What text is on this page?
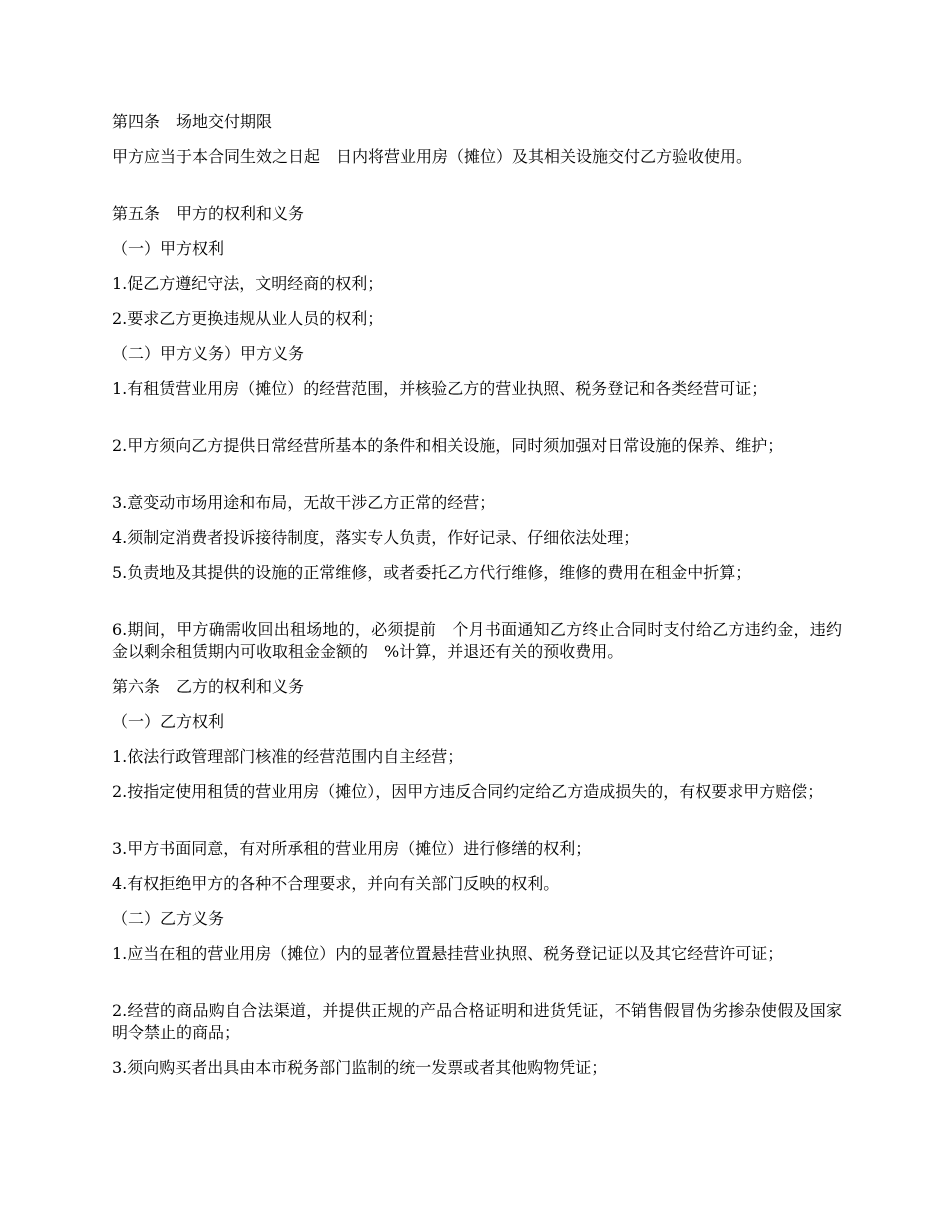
第四条　场地交付期限

甲方应当于本合同生效之日起　日内将营业用房（摊位）及其相关设施交付乙方验收使用。

第五条　甲方的权利和义务

（一）甲方权利

1.促乙方遵纪守法，文明经商的权利；

2.要求乙方更换违规从业人员的权利；

（二）甲方义务）甲方义务

1.有租赁营业用房（摊位）的经营范围，并核验乙方的营业执照、税务登记和各类经营可证；

2.甲方须向乙方提供日常经营所基本的条件和相关设施，同时须加强对日常设施的保养、维护；

3.意变动市场用途和布局，无故干涉乙方正常的经营；

4.须制定消费者投诉接待制度，落实专人负责，作好记录、仔细依法处理；

5.负责地及其提供的设施的正常维修，或者委托乙方代行维修，维修的费用在租金中折算；

6.期间，甲方确需收回出租场地的，必须提前　个月书面通知乙方终止合同时支付给乙方违约金，违约金以剩余租赁期内可收取租金金额的　%计算，并退还有关的预收费用。

第六条　乙方的权利和义务

（一）乙方权利

1.依法行政管理部门核准的经营范围内自主经营；

2.按指定使用租赁的营业用房（摊位），因甲方违反合同约定给乙方造成损失的，有权要求甲方赔偿；

3.甲方书面同意，有对所承租的营业用房（摊位）进行修缮的权利；

4.有权拒绝甲方的各种不合理要求，并向有关部门反映的权利。

（二）乙方义务

1.应当在租的营业用房（摊位）内的显著位置悬挂营业执照、税务登记证以及其它经营许可证；

2.经营的商品购自合法渠道，并提供正规的产品合格证明和进货凭证，不销售假冒伪劣掺杂使假及国家明令禁止的商品；

3.须向购买者出具由本市税务部门监制的统一发票或者其他购物凭证；
